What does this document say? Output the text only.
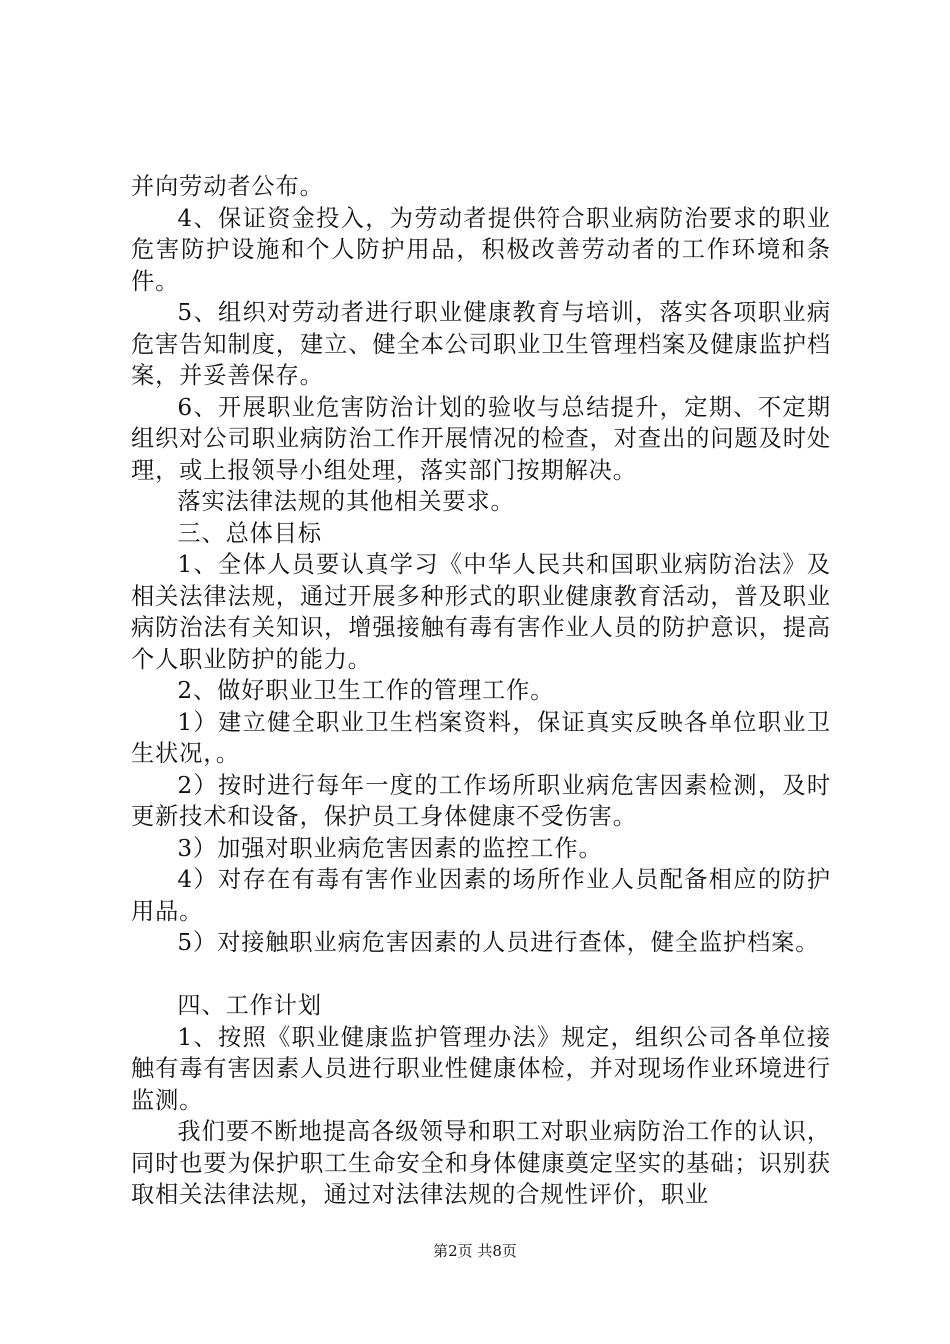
并向劳动者公布。

4、保证资金投入，为劳动者提供符合职业病防治要求的职业危害防护设施和个人防护用品，积极改善劳动者的工作环境和条件。

5、组织对劳动者进行职业健康教育与培训，落实各项职业病危害告知制度，建立、健全本公司职业卫生管理档案及健康监护档案，并妥善保存。

6、开展职业危害防治计划的验收与总结提升，定期、不定期组织对公司职业病防治工作开展情况的检查，对查出的问题及时处理，或上报领导小组处理，落实部门按期解决。

落实法律法规的其他相关要求。

三、总体目标

1、全体人员要认真学习《中华人民共和国职业病防治法》及相关法律法规，通过开展多种形式的职业健康教育活动，普及职业病防治法有关知识，增强接触有毒有害作业人员的防护意识，提高个人职业防护的能力。

2、做好职业卫生工作的管理工作。

1）建立健全职业卫生档案资料，保证真实反映各单位职业卫生状况，。

2）按时进行每年一度的工作场所职业病危害因素检测，及时更新技术和设备，保护员工身体健康不受伤害。

3）加强对职业病危害因素的监控工作。

4）对存在有毒有害作业因素的场所作业人员配备相应的防护用品。

5）对接触职业病危害因素的人员进行查体，健全监护档案。

四、工作计划

1、按照《职业健康监护管理办法》规定，组织公司各单位接触有毒有害因素人员进行职业性健康体检，并对现场作业环境进行监测。

我们要不断地提高各级领导和职工对职业病防治工作的认识，同时也要为保护职工生命安全和身体健康奠定坚实的基础；识别获取相关法律法规，通过对法律法规的合规性评价，职业

第2页 共8页
